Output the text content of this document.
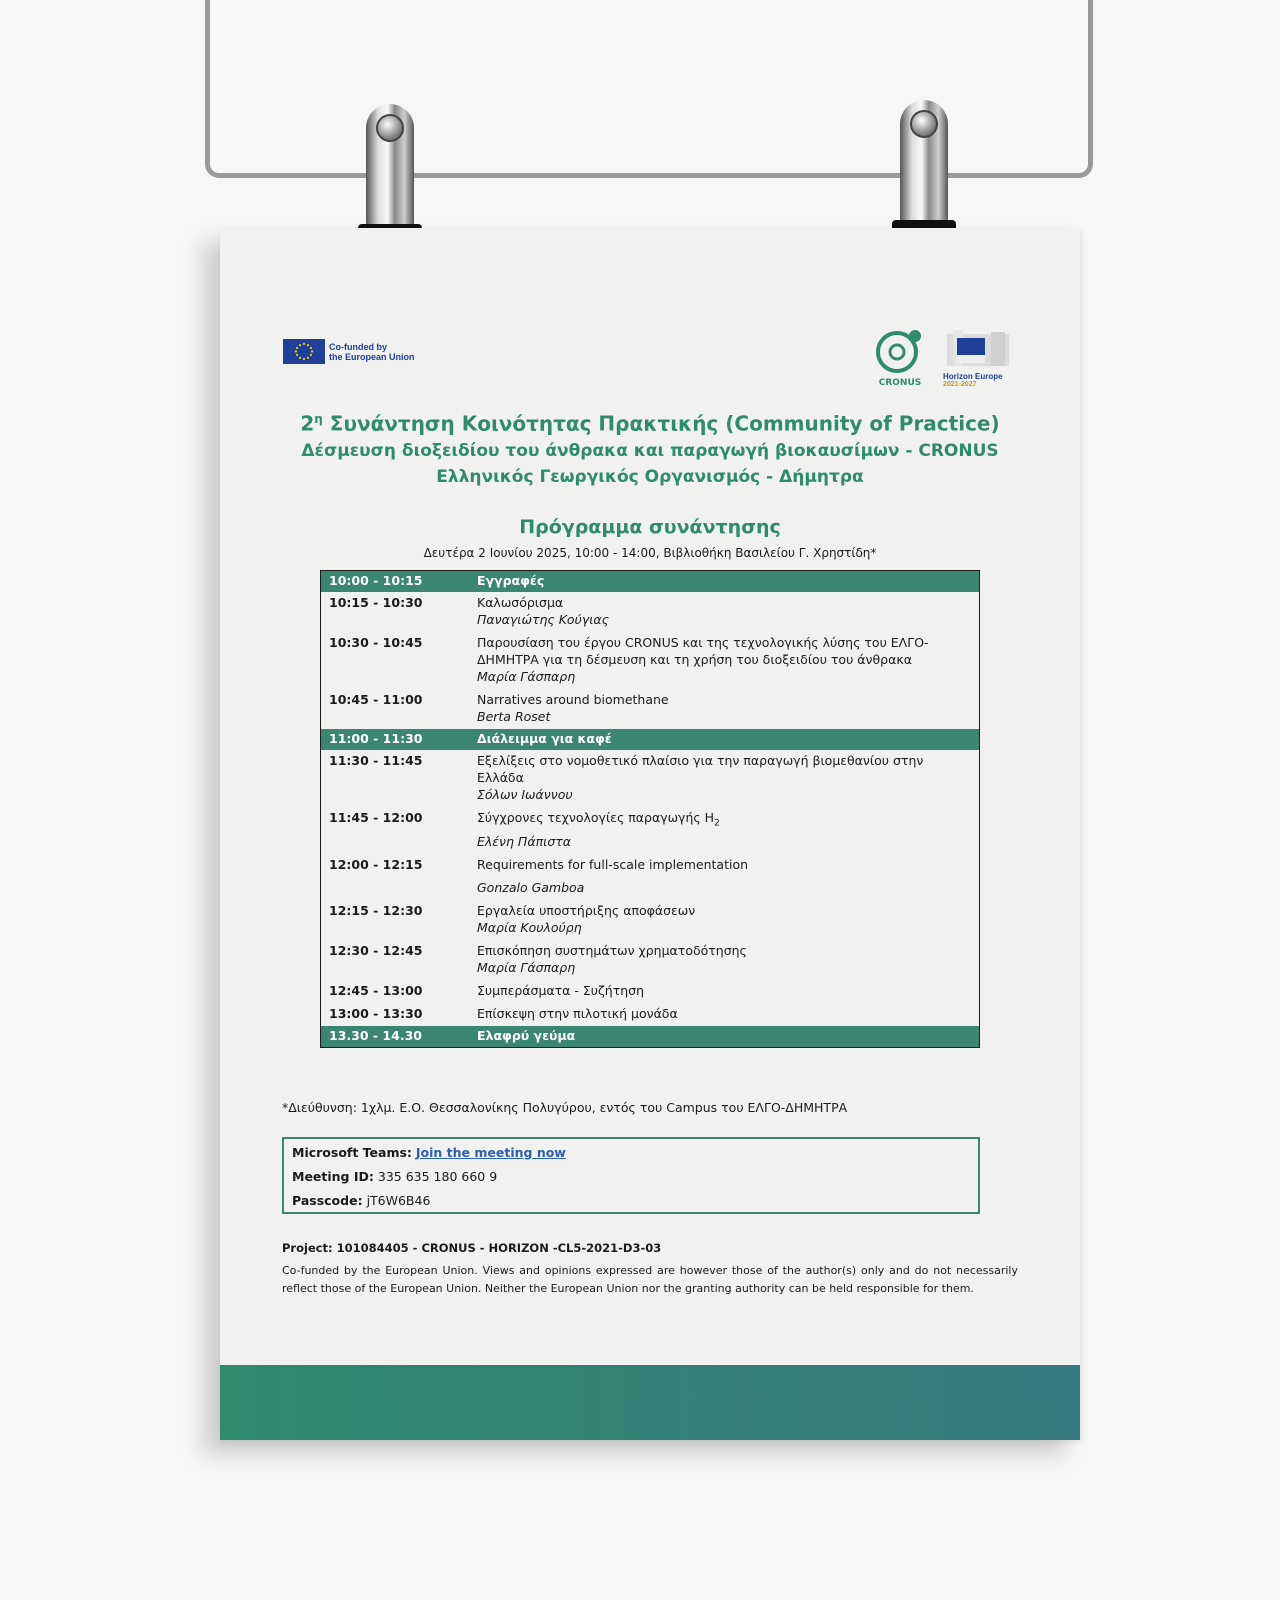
Co-funded by
the European Union
CRONUS
Horizon Europe
2021-2027
$2^\eta$ Συνάντηση Κοινότητας Πρακτικής (Community of Practice)
Δέσμευση διοξειδίου του άνθρακα και παραγωγή βιοκαυσίμων - CRONUS
Ελληνικός Γεωργικός Οργανισμός - Δήμητρα
Πρόγραμμα συνάντησης
Δευτέρα 2 Ιουνίου 2025, 10:00 - 14:00, Βιβλιοθήκη Βασιλείου Γ. Χρηστίδη*
10:00 - 10:15	Εγγραφές
10:15 - 10:30	Καλωσόρισμα
Παναγιώτης Κούγιας
10:30 - 10:45	Παρουσίαση του έργου CRONUS και της τεχνολογικής λύσης του ΕΛΓΟ-ΔΗΜΗΤΡΑ για τη δέσμευση και τη χρήση του διοξειδίου του άνθρακα
Μαρία Γάσπαρη
10:45 - 11:00	Narratives around biomethane
Berta Roset
11:00 - 11:30	Διάλειμμα για καφέ
11:30 - 11:45	Εξελίξεις στο νομοθετικό πλαίσιο για την παραγωγή βιομεθανίου στην Ελλάδα
Σόλων Ιωάννου
11:45 - 12:00	Σύγχρονες τεχνολογίες παραγωγής $H_2$
Ελένη Πάπιστα
12:00 - 12:15	Requirements for full-scale implementation
Gonzalo Gamboa
12:15 - 12:30	Εργαλεία υποστήριξης αποφάσεων
Μαρία Κουλούρη
12:30 - 12:45	Επισκόπηση συστημάτων χρηματοδότησης
Μαρία Γάσπαρη
12:45 - 13:00	Συμπεράσματα - Συζήτηση
13:00 - 13:30	Επίσκεψη στην πιλοτική μονάδα
13.30 - 14.30	Ελαφρύ γεύμα
*Διεύθυνση: 1χλμ. Ε.Ο. Θεσσαλονίκης Πολυγύρου, εντός του Campus του ΕΛΓΟ-ΔΗΜΗΤΡΑ
Microsoft Teams: Join the meeting now
Meeting ID: 335 635 180 660 9
Passcode: jT6W6B46
Project: 101084405 - CRONUS - HORIZON -CL5-2021-D3-03
Co-funded by the European Union. Views and opinions expressed are however those of the author(s) only and do not necessarily reflect those of the European Union. Neither the European Union nor the granting authority can be held responsible for them.
